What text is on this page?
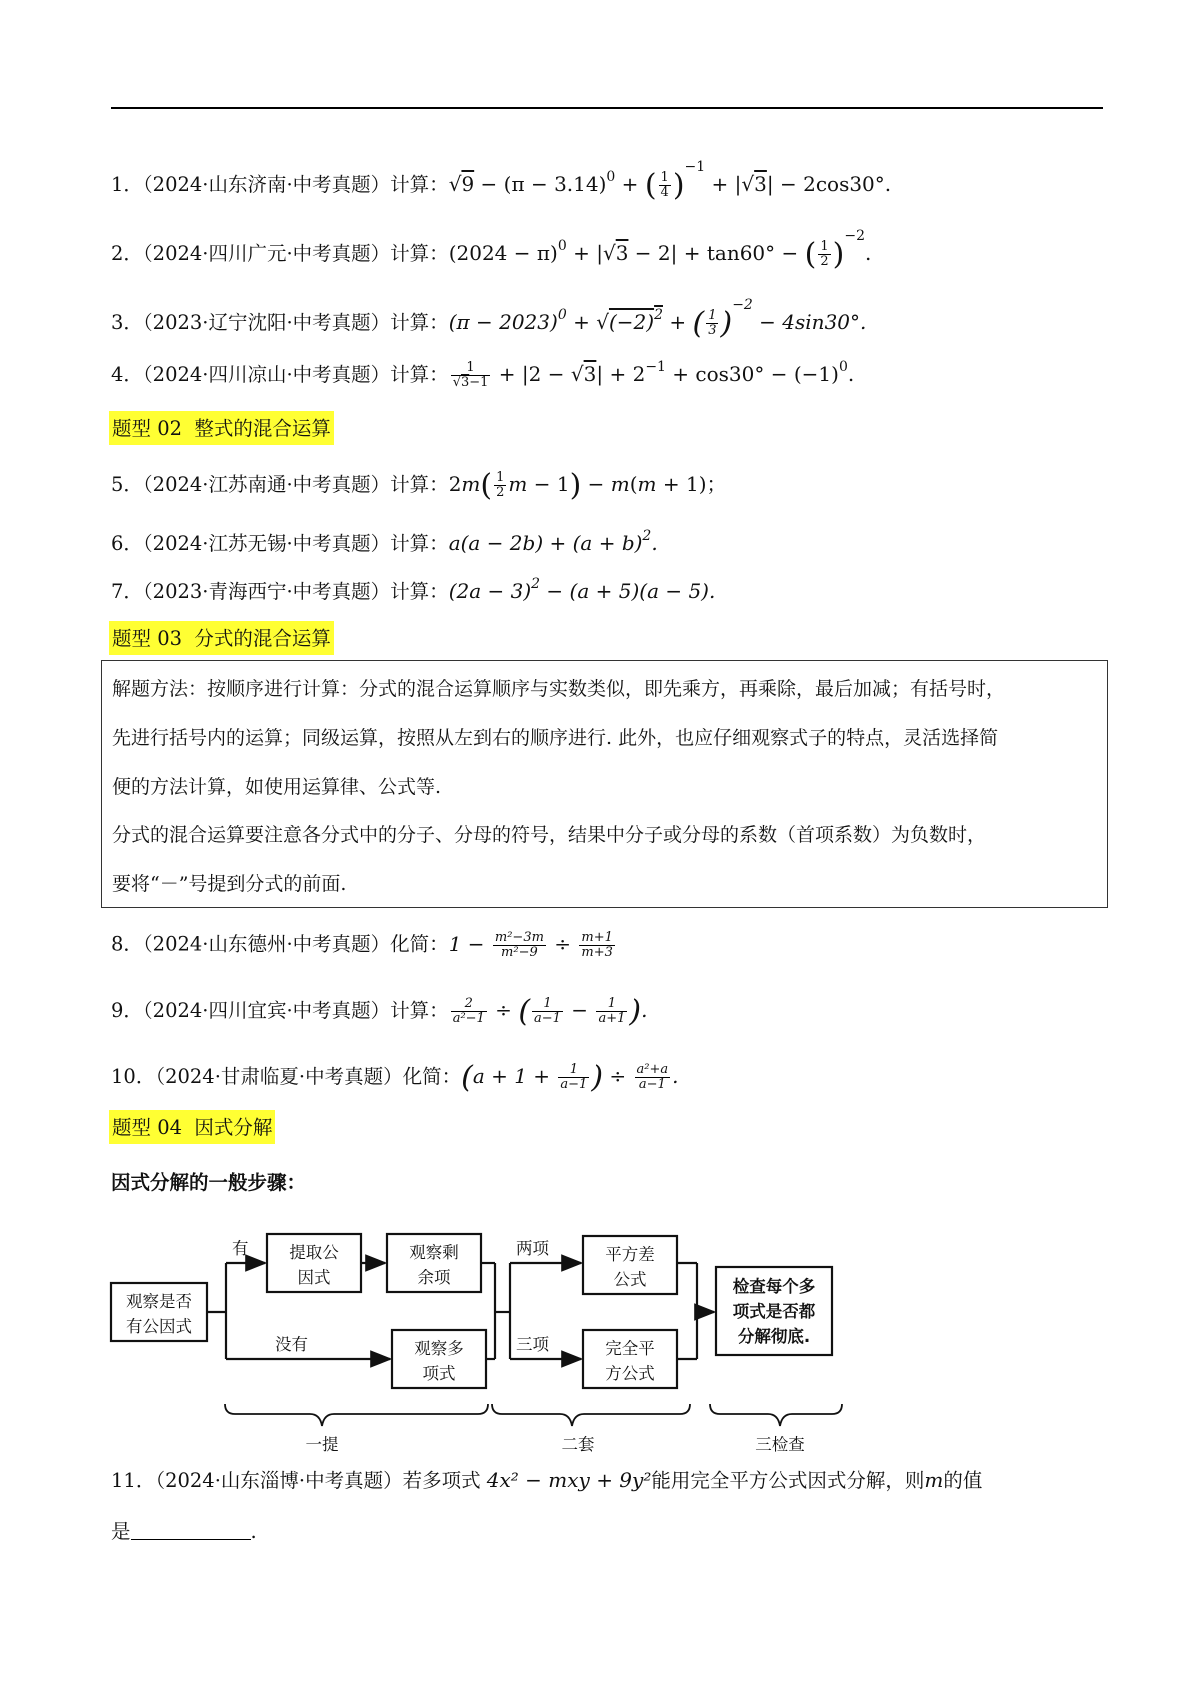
1．（2024·山东济南·中考真题）计算：$√9 - (\pi - 3.14)^0$ + ( $\frac{1}{4} )^{-1} + |√3| - 2\cos 30^\circ$.
2．（2024·四川广元·中考真题）计算：$(2024 - \pi)^0 + |√3 - 2| + \tan 60^\circ$ − ( $\frac{1}{2} )^{-2}$.
3．（2023·辽宁沈阳·中考真题）计算：$(\pi - 2023)^0 + √(-2)^2$ + ( $\frac{1}{3} )^{-2} - 4\sin 30^\circ$.
4．（2024·四川凉山·中考真题）计算： $\frac{1}{√3-1} + |2 - √3| + 2^{-1} + \cos 30^\circ - (-1)^0$.
题型 02  整式的混合运算
5．（2024·江苏南通·中考真题）计算：$2m( \frac{1}{2}$ m − 1) − m(m + 1)；
6．（2024·江苏无锡·中考真题）计算：$a(a - 2b) + (a + b)^2$.
7．（2023·青海西宁·中考真题）计算：$(2a - 3)^2 - (a + 5)(a - 5)$.
题型 03  分式的混合运算

解题方法：按顺序进行计算：分式的混合运算顺序与实数类似，即先乘方，再乘除，最后加减；有括号时，

先进行括号内的运算；同级运算，按照从左到右的顺序进行. 此外，也应仔细观察式子的特点，灵活选择简

便的方法计算，如使用运算律、公式等.

分式的混合运算要注意各分式中的分子、分母的符号，结果中分子或分母的系数（首项系数）为负数时，

要将“－”号提到分式的前面.

8．（2024·山东德州·中考真题）化简：$1 - \frac{\text{m²−3m}}{\text{m²−9}} \div \frac{m+1}{m+3}$
9．（2024·四川宜宾·中考真题）计算： $\frac{2}{\text{a²−1}}$ ÷ ( $\frac{1}{a-1} - \frac{1}{a+1}$ ).
10．（2024·甘肃临夏·中考真题）化简：($a + 1 + \frac{1}{a-1}$ ) ÷ $\frac{\text{a²+a}}{a-1}$ .
题型 04  因式分解
因式分解的一般步骤：
观察是否
有公因式
提取公
因式
观察剩
余项
观察多
项式
平方差
公式
完全平
方公式
检查每个多
项式是否都
分解彻底.
有
没有
两项
三项
一提	二套	三检查
11．（2024·山东淄博·中考真题）若多项式 4x² − mxy + 9y²能用完全平方公式因式分解，则m的值
是	.
